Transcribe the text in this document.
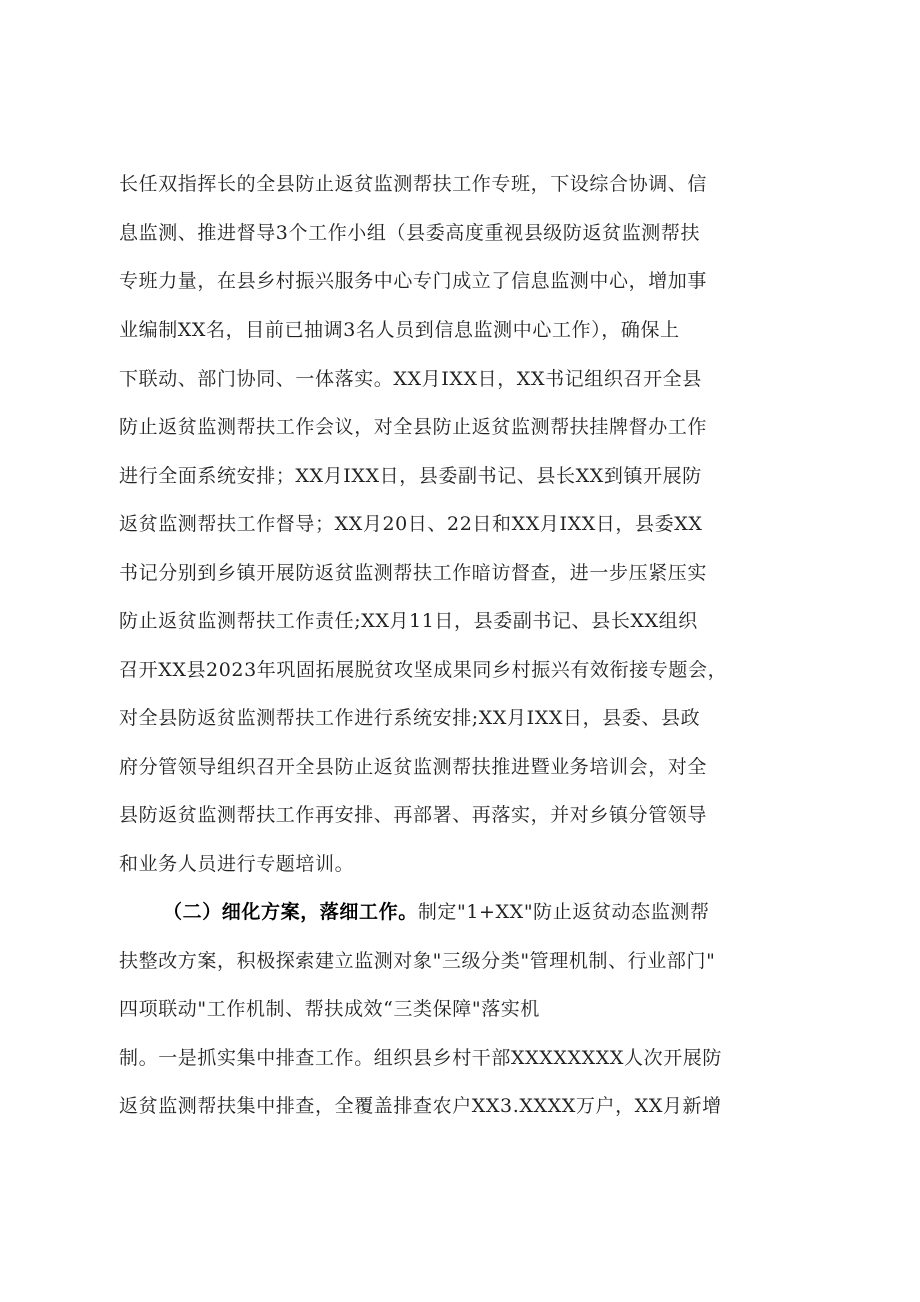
长任双指挥长的全县防止返贫监测帮扶工作专班，下设综合协调、信
息监测、推进督导3个工作小组（县委高度重视县级防返贫监测帮扶
专班力量，在县乡村振兴服务中心专门成立了信息监测中心，增加事
业编制XX名，目前已抽调3名人员到信息监测中心工作），确保上
下联动、部门协同、一体落实。XX月IXX日，XX书记组织召开全县
防止返贫监测帮扶工作会议，对全县防止返贫监测帮扶挂牌督办工作
进行全面系统安排；XX月IXX日，县委副书记、县长XX到镇开展防
返贫监测帮扶工作督导；XX月20日、22日和XX月IXX日，县委XX
书记分别到乡镇开展防返贫监测帮扶工作暗访督查，进一步压紧压实
防止返贫监测帮扶工作责任;XX月11日，县委副书记、县长XX组织
召开XX县2023年巩固拓展脱贫攻坚成果同乡村振兴有效衔接专题会，
对全县防返贫监测帮扶工作进行系统安排;XX月IXX日，县委、县政
府分管领导组织召开全县防止返贫监测帮扶推进暨业务培训会，对全
县防返贫监测帮扶工作再安排、再部署、再落实，并对乡镇分管领导
和业务人员进行专题培训。
（二）细化方案，落细工作。制定"1+XX"防止返贫动态监测帮
扶整改方案，积极探索建立监测对象"三级分类"管理机制、行业部门"
四项联动"工作机制、帮扶成效“三类保障"落实机
制。一是抓实集中排查工作。组织县乡村干部XXXXXXXX人次开展防
返贫监测帮扶集中排查，全覆盖排查农户XX3.XXXX万户，XX月新增
